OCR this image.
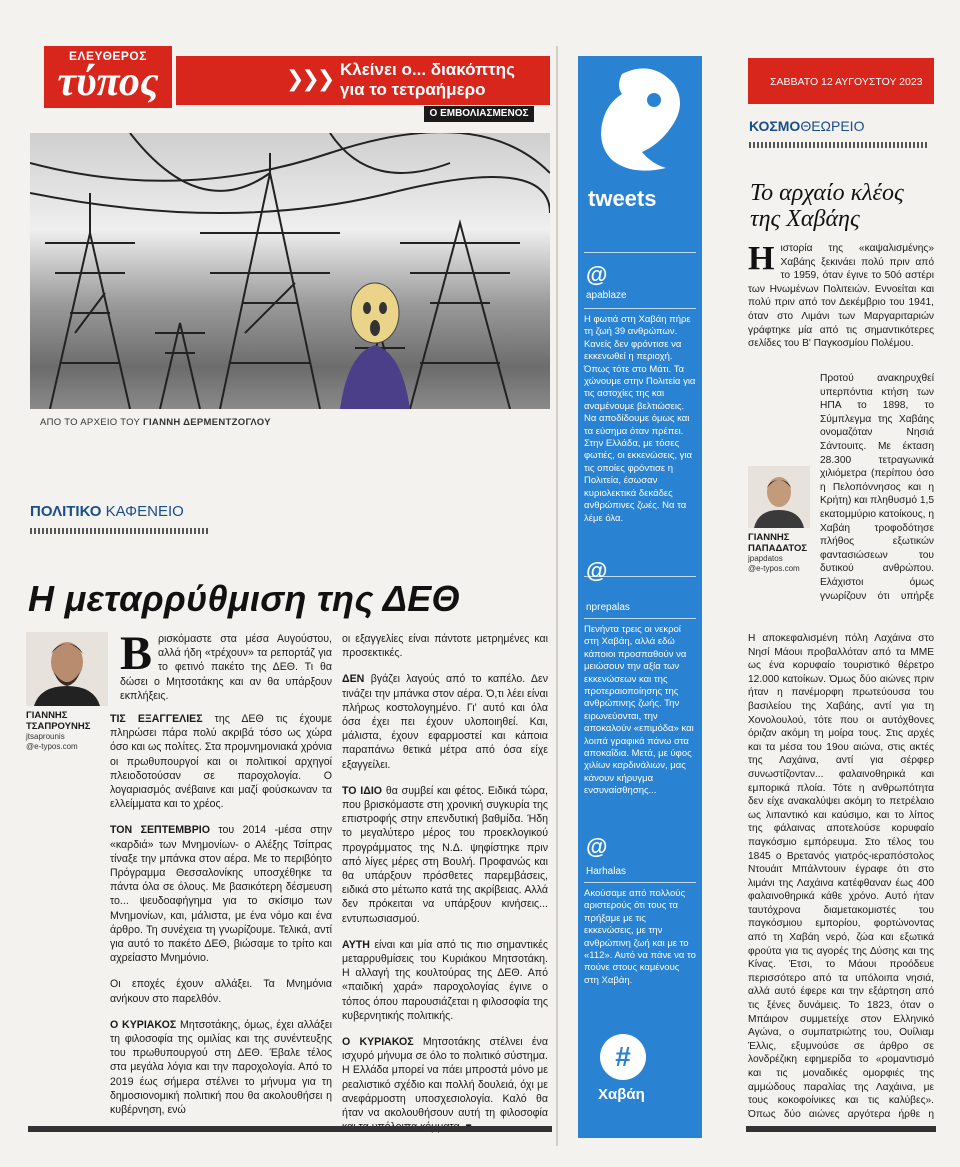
ΕΛΕΥΘΕΡΟΣ
τύπος	❯❯❯ Κλείνει ο... διακόπτης
για το τετραήμερο
Ο ΕΜΒΟΛΙΑΣΜΕΝΟΣ
ΑΠΟ ΤΟ ΑΡΧΕΙΟ ΤΟΥ ΓΙΑΝΝΗ ΔΕΡΜΕΝΤΖΟΓΛΟΥ
ΠΟΛΙΤΙΚΟ ΚΑΦΕΝΕΙΟ
Η μεταρρύθμιση της ΔΕΘ
ΓΙΑΝΝΗΣ
ΤΣΑΠΡΟΥΝΗΣ
jtsaprounis
@e-typos.com

Βρισκόμαστε στα μέσα Αυγούστου, αλλά ήδη «τρέχουν» τα ρεπορτάζ για το φετινό πακέτο της ΔΕΘ. Τι θα δώσει ο Μητσοτάκης και αν θα υπάρξουν εκπλήξεις.

ΤΙΣ ΕΞΑΓΓΕΛΙΕΣ της ΔΕΘ τις έχουμε πληρώσει πάρα πολύ ακριβά τόσο ως χώρα όσο και ως πολίτες. Στα προμνημονιακά χρόνια οι πρωθυπουργοί και οι πολιτικοί αρχηγοί πλειοδοτούσαν σε παροχολογία. Ο λογαριασμός ανέβαινε και μαζί φούσκωναν τα ελλείμματα και το χρέος.

ΤΟΝ ΣΕΠΤΕΜΒΡΙΟ του 2014 -μέσα στην «καρδιά» των Μνημονίων- ο Αλέξης Τσίπρας τίναξε την μπάνκα στον αέρα. Με το περιβόητο Πρόγραμμα Θεσσαλονίκης υποσχέθηκε τα πάντα όλα σε όλους. Με βασικότερη δέσμευση το... ψευδοαφήγημα για το σκίσιμο των Μνημονίων, και, μάλιστα, με ένα νόμο και ένα άρθρο. Τη συνέχεια τη γνωρίζουμε. Τελικά, αντί για αυτό το πακέτο ΔΕΘ, βιώσαμε το τρίτο και αχρείαστο Μνημόνιο.

Οι εποχές έχουν αλλάξει. Τα Μνημόνια ανήκουν στο παρελθόν.

Ο ΚΥΡΙΑΚΟΣ Μητσοτάκης, όμως, έχει αλλάξει τη φιλοσοφία της ομιλίας και της συνέντευξης του πρωθυπουργού στη ΔΕΘ. Έβαλε τέλος στα μεγάλα λόγια και την παροχολογία. Από το 2019 έως σήμερα στέλνει το μήνυμα για τη δημοσιονομική πολιτική που θα ακολουθήσει η κυβέρνηση, ενώ

οι εξαγγελίες είναι πάντοτε μετρημένες και προσεκτικές.

ΔΕΝ βγάζει λαγούς από το καπέλο. Δεν τινάζει την μπάνκα στον αέρα. Ό,τι λέει είναι πλήρως κοστολογημένο. Γι' αυτό και όλα όσα έχει πει έχουν υλοποιηθεί. Και, μάλιστα, έχουν εφαρμοστεί και κάποια παραπάνω θετικά μέτρα από όσα είχε εξαγγείλει.

ΤΟ ΙΔΙΟ θα συμβεί και φέτος. Ειδικά τώρα, που βρισκόμαστε στη χρονική συγκυρία της επιστροφής στην επενδυτική βαθμίδα. Ήδη το μεγαλύτερο μέρος του προεκλογικού προγράμματος της Ν.Δ. ψηφίστηκε πριν από λίγες μέρες στη Βουλή. Προφανώς και θα υπάρξουν πρόσθετες παρεμβάσεις, ειδικά στο μέτωπο κατά της ακρίβειας. Αλλά δεν πρόκειται να υπάρξουν κινήσεις... εντυπωσιασμού.

ΑΥΤΗ είναι και μία από τις πιο σημαντικές μεταρρυθμίσεις του Κυριάκου Μητσοτάκη. Η αλλαγή της κουλτούρας της ΔΕΘ. Από «παιδική χαρά» παροχολογίας έγινε ο τόπος όπου παρουσιάζεται η φιλοσοφία της κυβερνητικής πολιτικής.

Ο ΚΥΡΙΑΚΟΣ Μητσοτάκης στέλνει ένα ισχυρό μήνυμα σε όλο το πολιτικό σύστημα. Η Ελλάδα μπορεί να πάει μπροστά μόνο με ρεαλιστικό σχέδιο και πολλή δουλειά, όχι με ανεφάρμοστη υποσχεσιολογία. Καλό θα ήταν να ακολουθήσουν αυτή τη φιλοσοφία

tweets
@
apablaze
Η φωτιά στη Χαβάη πήρε τη ζωή 39 ανθρώπων. Κανείς δεν φρόντισε να εκκενωθεί η περιοχή. Όπως τότε στο Μάτι. Τα χώνουμε στην Πολιτεία για τις αστοχίες της και αναμένουμε βελτιώσεις. Να αποδίδουμε όμως και τα εύσημα όταν πρέπει. Στην Ελλάδα, με τόσες φωτιές, οι εκκενώσεις, για τις οποίες φρόντισε η Πολιτεία, έσωσαν κυριολεκτικά δεκάδες ανθρώπινες ζωές. Να τα λέμε όλα.
@
nprepalas
Πενήντα τρεις οι νεκροί στη Χαβάη, αλλά εδώ κάποιοι προσπαθούν να μειώσουν την αξία των εκκενώσεων και της προτεραιοποίησης της ανθρώπινης ζωής. Την ειρωνεύονται, την αποκαλούν «επιμόδα» και λοιπά γραφικά πάνω στα αποκαΐδια. Μετά, με ύφος χιλίων καρδινάλιων, μας κάνουν κήρυγμα ενσυναίσθησης...
@
Harhalas
Ακούσαμε από πολλούς αριστερούς ότι τους τα πρήξαμε με τις εκκενώσεις, με την ανθρώπινη ζωή και με το «112». Αυτό να πάνε να το πούνε στους καμένους στη Χαβάη.
#
Χαβάη
ΣΑΒΒΑΤΟ 12 ΑΥΓΟΥΣΤΟΥ 2023
ΚΟΣΜΟΘΕΩΡΕΙΟ
Το αρχαίο κλέος της Χαβάης

Ηιστορία της «καψαλισμένης» Χαβάης ξεκινάει πολύ πριν από το 1959, όταν έγινε το 50ό αστέρι των Ηνωμένων Πολιτειών. Εννοείται και πολύ πριν από τον Δεκέμβριο του 1941, όταν στο Λιμάνι των Μαργαριταριών γράφτηκε μία από τις σημαντικότερες σελίδες του Β' Παγκοσμίου Πολέμου.

ΓΙΑΝΝΗΣ
ΠΑΠΑΔΑΤΟΣ
jpapdatos
@e-typos.com

Προτού ανακηρυχθεί υπερπόντια κτήση των ΗΠΑ το 1898, το Σύμπλεγμα της Χαβάης ονομαζόταν Νησιά Σάντουιτς. Με έκταση 28.300 τετραγωνικά χιλιόμετρα (περίπου όσο η Πελοπόννησος και η Κρήτη) και πληθυσμό 1,5 εκατομμύριο κατοίκους, η Χαβάη τροφοδότησε πλήθος εξωτικών φαντασιώσεων του δυτικού ανθρώπου. Ελάχιστοι όμως γνωρίζουν ότι υπήρξε

Η αποκεφαλισμένη πόλη Λαχάινα στο Νησί Μάουι προβαλλόταν από τα ΜΜΕ ως ένα κορυφαίο τουριστικό θέρετρο 12.000 κατοίκων. Όμως δύο αιώνες πριν ήταν η πανέμορφη πρωτεύουσα του βασιλείου της Χαβάης, αντί για τη Χονολουλού, τότε που οι αυτόχθονες όριζαν ακόμη τη μοίρα τους. Στις αρχές και τα μέσα του 19ου αιώνα, στις ακτές της Λαχάινα, αντί για σέρφερ συνωστίζονταν... φαλαινοθηρικά και εμπορικά πλοία. Τότε η ανθρωπότητα δεν είχε ανακαλύψει ακόμη το πετρέλαιο ως λιπαντικό και καύσιμο, και το λίπος της φάλαινας αποτελούσε κορυφαίο παγκόσμιο εμπόρευμα. Στο τέλος του 1845 ο Βρετανός γιατρός-ιεραπόστολος Ντουάιτ Μπάλντουιν έγραφε ότι στο λιμάνι της Λαχάινα κατέφθαναν έως 400 φαλαινοθηρικά κάθε χρόνο. Αυτό ήταν ταυτόχρονα διαμετακομιστές του παγκόσμιου εμπορίου, φορτώνοντας από τη Χαβάη νερό, ζώα και εξωτικά φρούτα για τις αγορές της Δύσης και της Κίνας. Έτσι, το Μάουι προόδευε περισσότερο από τα υπόλοιπα νησιά, αλλά αυτό έφερε και την εξάρτηση από τις ξένες δυνάμεις. Το 1823, όταν ο Μπάιρον συμμετείχε στον Ελληνικό Αγώνα, ο συμπατριώτης του, Ουίλιαμ Έλλις, εξυμνούσε σε άρθρο σε λονδρέζικη εφημερίδα το «ρομαντισμό και τις μοναδικές ομορφιές της αμμώδους παραλίας της Λαχάινα, με τους κοκοφοίνικες και τις καλύβες». Όπως δύο αιώνες αργότερα ήρθε η
